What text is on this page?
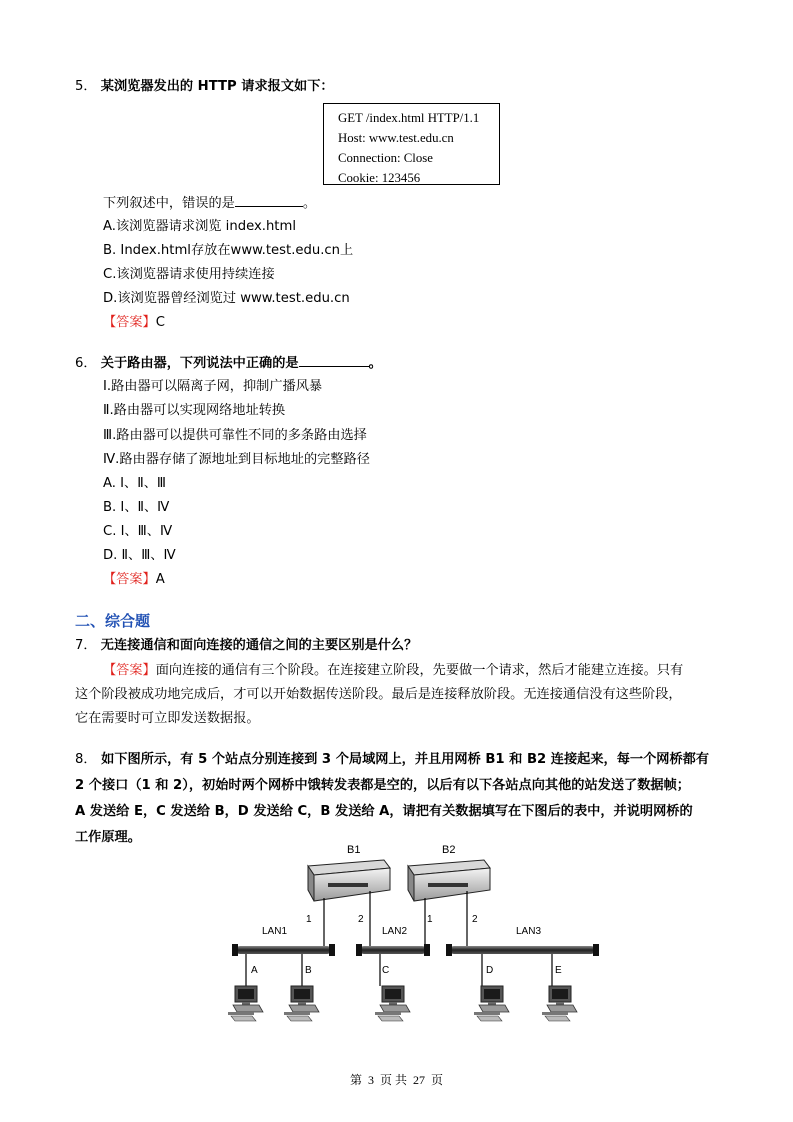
5． 某浏览器发出的 HTTP 请求报文如下：
GET /index.html HTTP/1.1
Host: www.test.edu.cn
Connection: Close
Cookie: 123456
下列叙述中，错误的是	。
A.该浏览器请求浏览 index.html
B. Index.html存放在www.test.edu.cn上
C.该浏览器请求使用持续连接
D.该浏览器曾经浏览过 www.test.edu.cn
【答案】C
6． 关于路由器，下列说法中正确的是	。
Ⅰ.路由器可以隔离子网，抑制广播风暴
Ⅱ.路由器可以实现网络地址转换
Ⅲ.路由器可以提供可靠性不同的多条路由选择
Ⅳ.路由器存储了源地址到目标地址的完整路径
A. Ⅰ、Ⅱ、Ⅲ
B. Ⅰ、Ⅱ、Ⅳ
C. Ⅰ、Ⅲ、Ⅳ
D. Ⅱ、Ⅲ、Ⅳ
【答案】A
二、综合题
7． 无连接通信和面向连接的通信之间的主要区别是什么？
【答案】面向连接的通信有三个阶段。在连接建立阶段，先要做一个请求，然后才能建立连接。只有
这个阶段被成功地完成后，才可以开始数据传送阶段。最后是连接释放阶段。无连接通信没有这些阶段，
它在需要时可立即发送数据报。
8． 如下图所示，有 5 个站点分别连接到 3 个局域网上，并且用网桥 B1 和 B2 连接起来，每一个网桥都有
2 个接口（1 和 2），初始时两个网桥中饿转发表都是空的，以后有以下各站点向其他的站发送了数据帧；
A 发送给 E，C 发送给 B，D 发送给 C，B 发送给 A，请把有关数据填写在下图后的表中，并说明网桥的
工作原理。
B1	B2
1	2	1	2
LAN1	LAN2	LAN3
A	B	C	D	E
第 3 页 共 27 页
